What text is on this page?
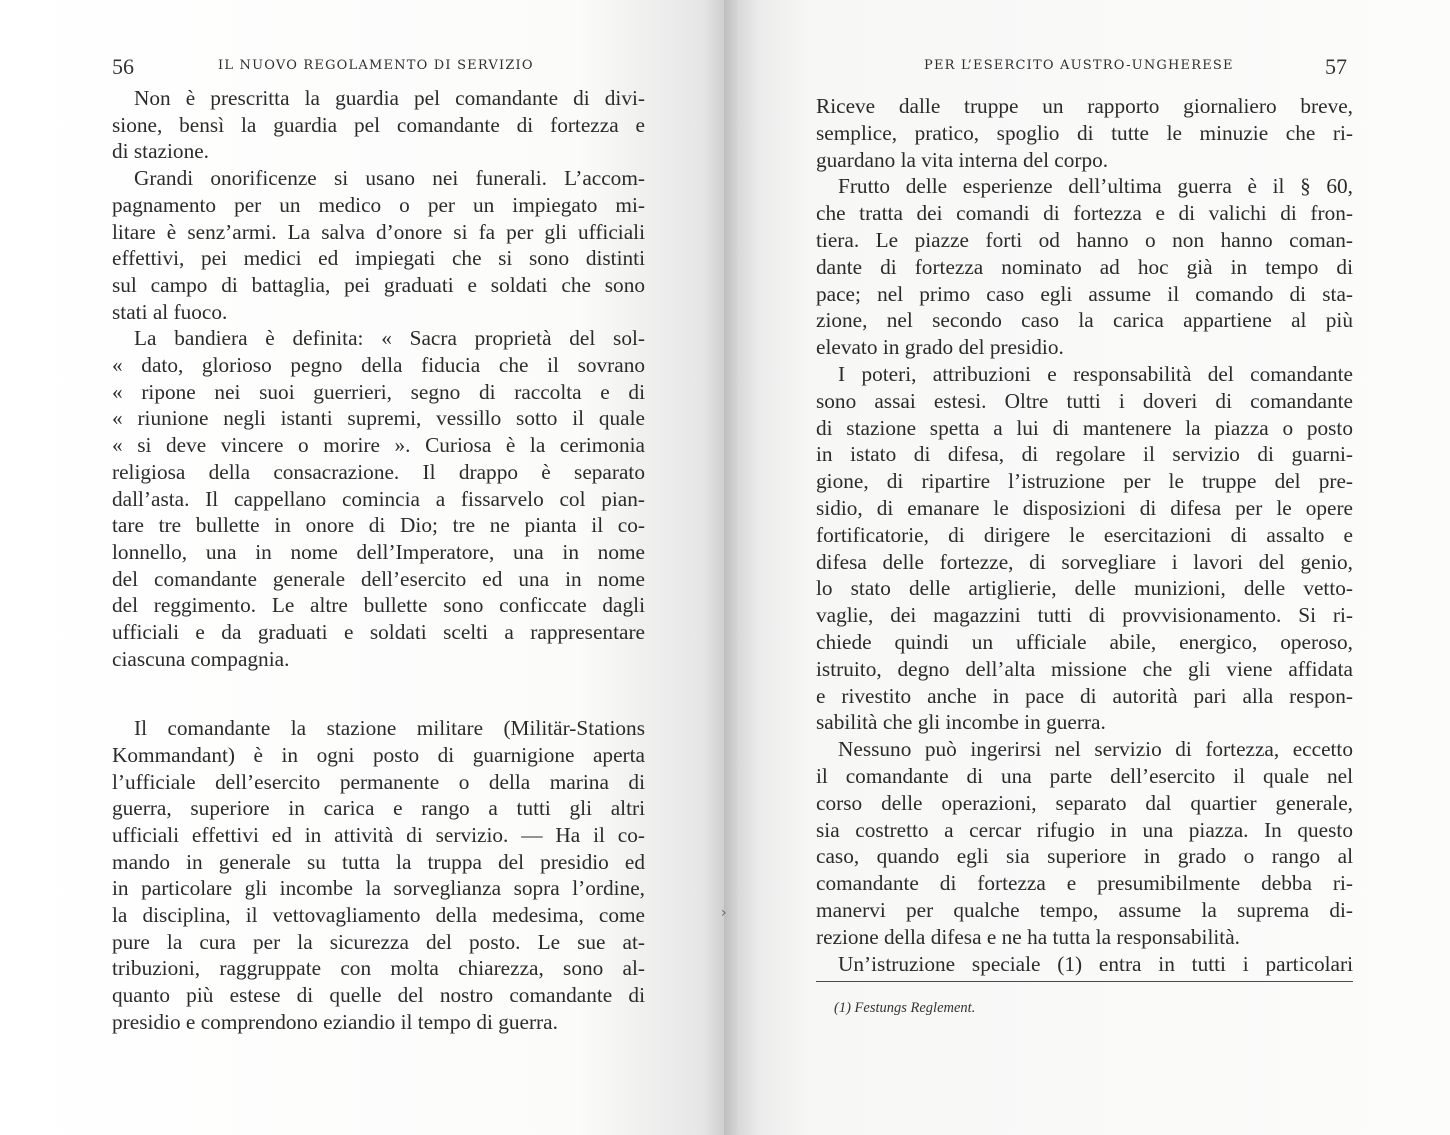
56	IL NUOVO REGOLAMENTO DI SERVIZIO
Non è prescritta la guardia pel comandante di divi-
sione, bensì la guardia pel comandante di fortezza e
di stazione.
Grandi onorificenze si usano nei funerali. L’accom-
pagnamento per un medico o per un impiegato mi-
litare è senz’armi. La salva d’onore si fa per gli ufficiali
effettivi, pei medici ed impiegati che si sono distinti
sul campo di battaglia, pei graduati e soldati che sono
stati al fuoco.
La bandiera è definita: « Sacra proprietà del sol-
« dato, glorioso pegno della fiducia che il sovrano
« ripone nei suoi guerrieri, segno di raccolta e di
« riunione negli istanti supremi, vessillo sotto il quale
« si deve vincere o morire ». Curiosa è la cerimonia
religiosa della consacrazione. Il drappo è separato
dall’asta. Il cappellano comincia a fissarvelo col pian-
tare tre bullette in onore di Dio; tre ne pianta il co-
lonnello, una in nome dell’Imperatore, una in nome
del comandante generale dell’esercito ed una in nome
del reggimento. Le altre bullette sono conficcate dagli
ufficiali e da graduati e soldati scelti a rappresentare
ciascuna compagnia.
Il comandante la stazione militare (Militär-Stations
Kommandant) è in ogni posto di guarnigione aperta
l’ufficiale dell’esercito permanente o della marina di
guerra, superiore in carica e rango a tutti gli altri
ufficiali effettivi ed in attività di servizio. — Ha il co-
mando in generale su tutta la truppa del presidio ed
in particolare gli incombe la sorveglianza sopra l’ordine,
la disciplina, il vettovagliamento della medesima, come
pure la cura per la sicurezza del posto. Le sue at-
tribuzioni, raggruppate con molta chiarezza, sono al-
quanto più estese di quelle del nostro comandante di
presidio e comprendono eziandio il tempo di guerra.
PER L’ESERCITO AUSTRO-UNGHERESE	57
Riceve dalle truppe un rapporto giornaliero breve,
semplice, pratico, spoglio di tutte le minuzie che ri-
guardano la vita interna del corpo.
Frutto delle esperienze dell’ultima guerra è il § 60,
che tratta dei comandi di fortezza e di valichi di fron-
tiera. Le piazze forti od hanno o non hanno coman-
dante di fortezza nominato ad hoc già in tempo di
pace; nel primo caso egli assume il comando di sta-
zione, nel secondo caso la carica appartiene al più
elevato in grado del presidio.
I poteri, attribuzioni e responsabilità del comandante
sono assai estesi. Oltre tutti i doveri di comandante
di stazione spetta a lui di mantenere la piazza o posto
in istato di difesa, di regolare il servizio di guarni-
gione, di ripartire l’istruzione per le truppe del pre-
sidio, di emanare le disposizioni di difesa per le opere
fortificatorie, di dirigere le esercitazioni di assalto e
difesa delle fortezze, di sorvegliare i lavori del genio,
lo stato delle artiglierie, delle munizioni, delle vetto-
vaglie, dei magazzini tutti di provvisionamento. Si ri-
chiede quindi un ufficiale abile, energico, operoso,
istruito, degno dell’alta missione che gli viene affidata
e rivestito anche in pace di autorità pari alla respon-
sabilità che gli incombe in guerra.
Nessuno può ingerirsi nel servizio di fortezza, eccetto
il comandante di una parte dell’esercito il quale nel
corso delle operazioni, separato dal quartier generale,
sia costretto a cercar rifugio in una piazza. In questo
caso, quando egli sia superiore in grado o rango al
comandante di fortezza e presumibilmente debba ri-
manervi per qualche tempo, assume la suprema di-
rezione della difesa e ne ha tutta la responsabilità.
Un’istruzione speciale (1) entra in tutti i particolari
(1) Festungs Reglement.
›
